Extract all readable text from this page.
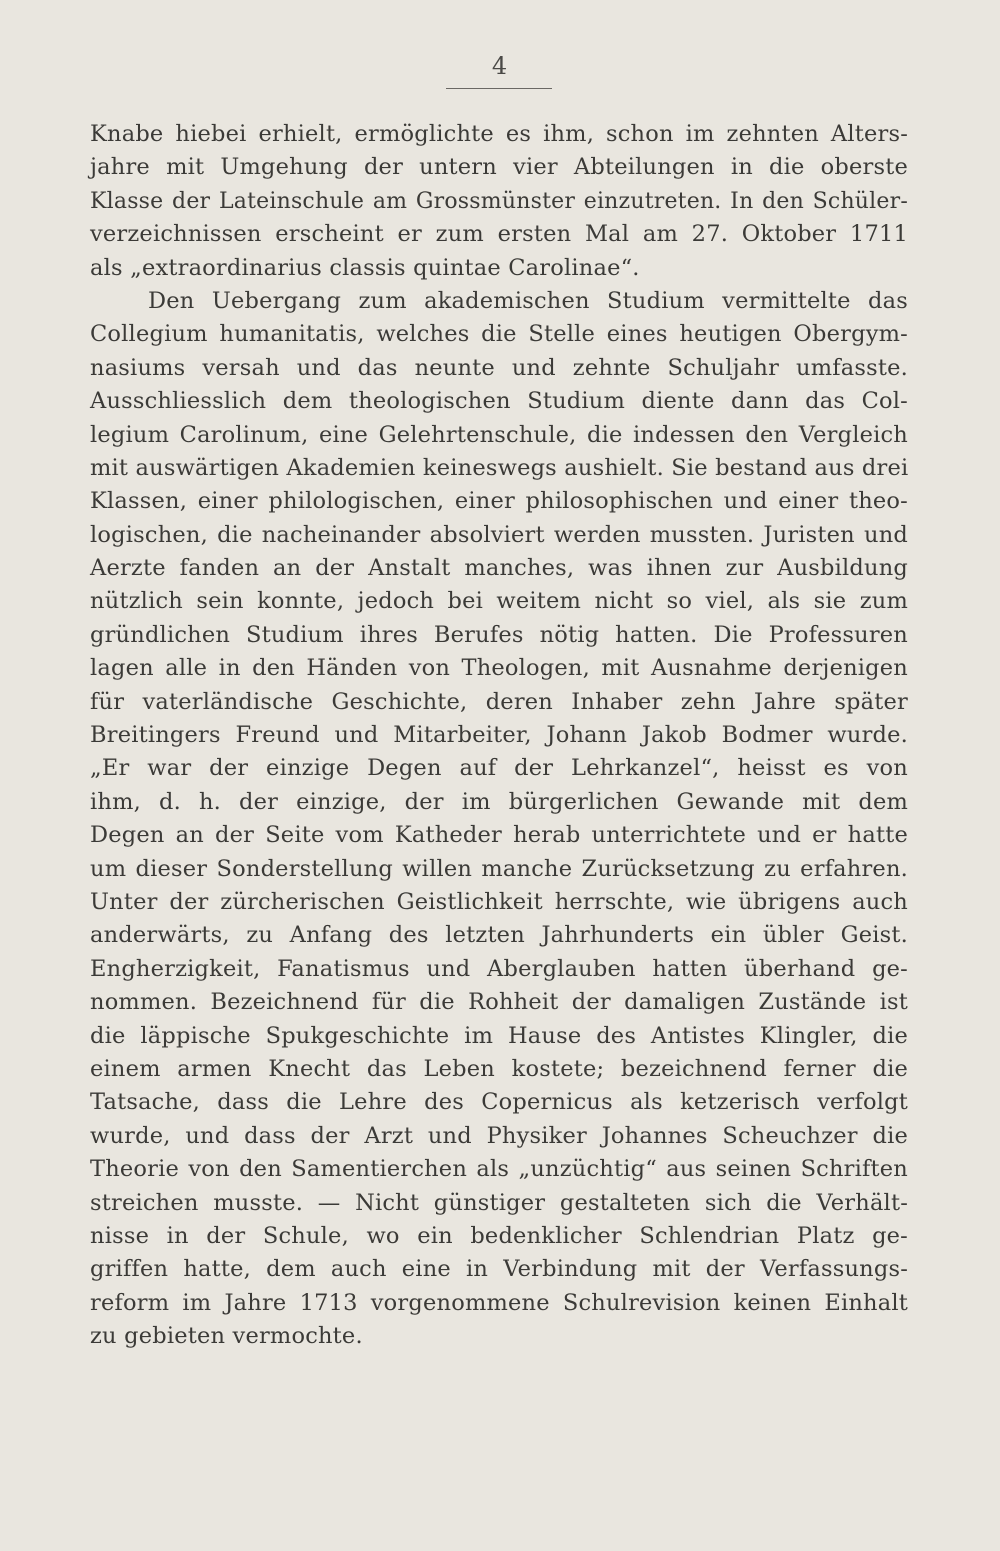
4
Knabe hiebei erhielt, ermöglichte es ihm, schon im zehnten Alters-
jahre mit Umgehung der untern vier Abteilungen in die oberste
Klasse der Lateinschule am Grossmünster einzutreten. In den Schüler-
verzeichnissen erscheint er zum ersten Mal am 27. Oktober 1711
als „extraordinarius classis quintae Carolinae“.
Den Uebergang zum akademischen Studium vermittelte das
Collegium humanitatis, welches die Stelle eines heutigen Obergym-
nasiums versah und das neunte und zehnte Schuljahr umfasste.
Ausschliesslich dem theologischen Studium diente dann das Col-
legium Carolinum, eine Gelehrtenschule, die indessen den Vergleich
mit auswärtigen Akademien keineswegs aushielt. Sie bestand aus drei
Klassen, einer philologischen, einer philosophischen und einer theo-
logischen, die nacheinander absolviert werden mussten. Juristen und
Aerzte fanden an der Anstalt manches, was ihnen zur Ausbildung
nützlich sein konnte, jedoch bei weitem nicht so viel, als sie zum
gründlichen Studium ihres Berufes nötig hatten. Die Professuren
lagen alle in den Händen von Theologen, mit Ausnahme derjenigen
für vaterländische Geschichte, deren Inhaber zehn Jahre später
Breitingers Freund und Mitarbeiter, Johann Jakob Bodmer wurde.
„Er war der einzige Degen auf der Lehrkanzel“, heisst es von
ihm, d. h. der einzige, der im bürgerlichen Gewande mit dem
Degen an der Seite vom Katheder herab unterrichtete und er hatte
um dieser Sonderstellung willen manche Zurücksetzung zu erfahren.
Unter der zürcherischen Geistlichkeit herrschte, wie übrigens auch
anderwärts, zu Anfang des letzten Jahrhunderts ein übler Geist.
Engherzigkeit, Fanatismus und Aberglauben hatten überhand ge-
nommen. Bezeichnend für die Rohheit der damaligen Zustände ist
die läppische Spukgeschichte im Hause des Antistes Klingler, die
einem armen Knecht das Leben kostete; bezeichnend ferner die
Tatsache, dass die Lehre des Copernicus als ketzerisch verfolgt
wurde, und dass der Arzt und Physiker Johannes Scheuchzer die
Theorie von den Samentierchen als „unzüchtig“ aus seinen Schriften
streichen musste. — Nicht günstiger gestalteten sich die Verhält-
nisse in der Schule, wo ein bedenklicher Schlendrian Platz ge-
griffen hatte, dem auch eine in Verbindung mit der Verfassungs-
reform im Jahre 1713 vorgenommene Schulrevision keinen Einhalt
zu gebieten vermochte.
